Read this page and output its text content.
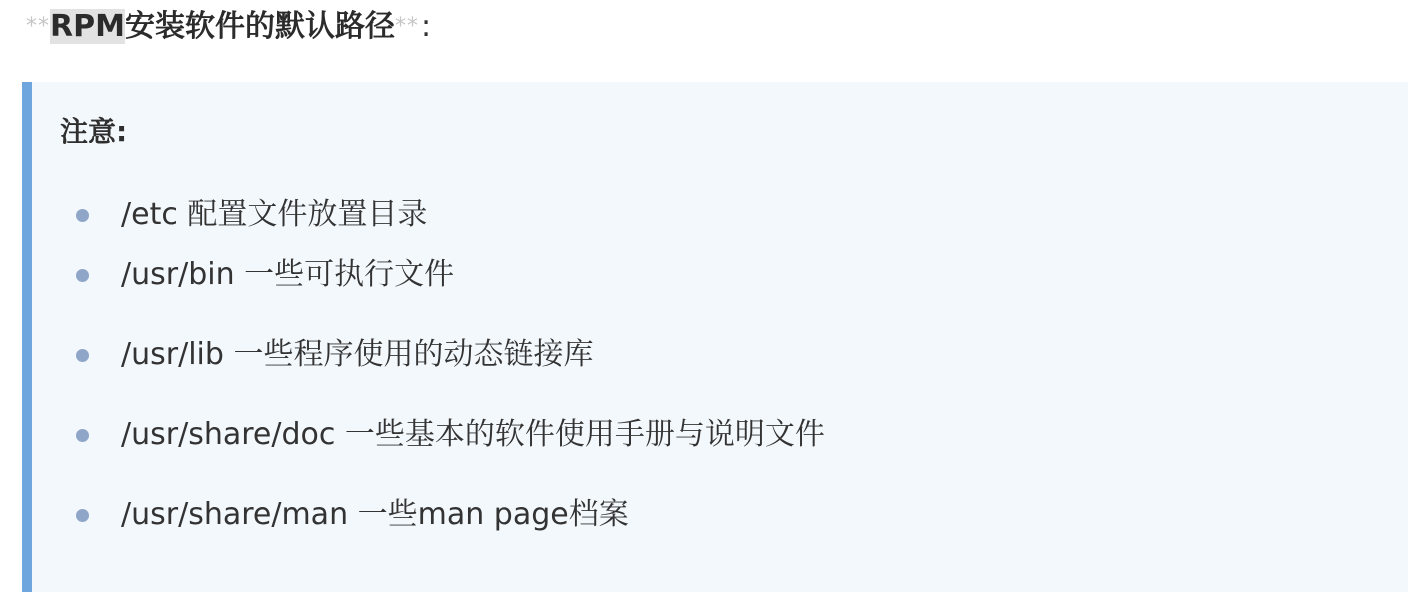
** RPM安装软件的默认路径 ** :
注意:
/etc 配置文件放置目录
/usr/bin 一些可执行文件
/usr/lib 一些程序使用的动态链接库
/usr/share/doc 一些基本的软件使用手册与说明文件
/usr/share/man 一些man page档案
